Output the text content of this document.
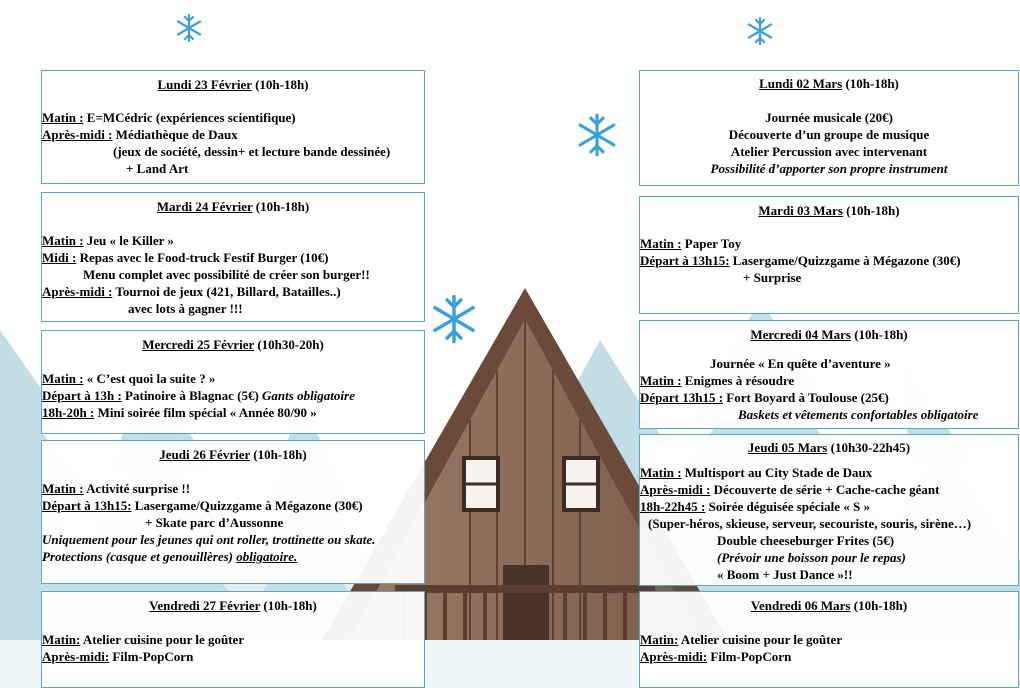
Lundi 23 Février (10h-18h)
Matin : E=MCédric (expériences scientifique)
Après-midi : Médiathèque de Daux
(jeux de société, dessin+ et lecture bande dessinée)
+ Land Art
Mardi 24 Février (10h-18h)
Matin : Jeu « le Killer »
Midi : Repas avec le Food-truck Festif Burger (10€)
Menu complet avec possibilité de créer son burger!!
Après-midi : Tournoi de jeux (421, Billard, Batailles..)
avec lots à gagner !!!
Mercredi 25 Février (10h30-20h)
Matin : « C’est quoi la suite ? »
Départ à 13h : Patinoire à Blagnac (5€) Gants obligatoire
18h-20h : Mini soirée film spécial « Année 80/90 »
Jeudi 26 Février (10h-18h)
Matin : Activité surprise !!
Départ à 13h15: Lasergame/Quizzgame à Mégazone (30€)
+ Skate parc d’Aussonne
Uniquement pour les jeunes qui ont roller, trottinette ou skate.
Protections (casque et genouillères) obligatoire.
Vendredi 27 Février (10h-18h)
Matin: Atelier cuisine pour le goûter
Après-midi: Film-PopCorn
Lundi 02 Mars (10h-18h)
Journée musicale (20€)
Découverte d’un groupe de musique
Atelier Percussion avec intervenant
Possibilité d’apporter son propre instrument
Mardi 03 Mars (10h-18h)
Matin : Paper Toy
Départ à 13h15: Lasergame/Quizzgame à Mégazone (30€)
+ Surprise
Mercredi 04 Mars (10h-18h)
Journée « En quête d’aventure »
Matin : Enigmes à résoudre
Départ 13h15 : Fort Boyard à Toulouse (25€)
Baskets et vêtements confortables obligatoire
Jeudi 05 Mars (10h30-22h45)
Matin : Multisport au City Stade de Daux
Après-midi : Découverte de série + Cache-cache géant
18h-22h45 : Soirée déguisée spéciale « S »
(Super-héros, skieuse, serveur, secouriste, souris, sirène…)
Double cheeseburger Frites (5€)
(Prévoir une boisson pour le repas)
« Boom + Just Dance »!!
Vendredi 06 Mars (10h-18h)
Matin: Atelier cuisine pour le goûter
Après-midi: Film-PopCorn
